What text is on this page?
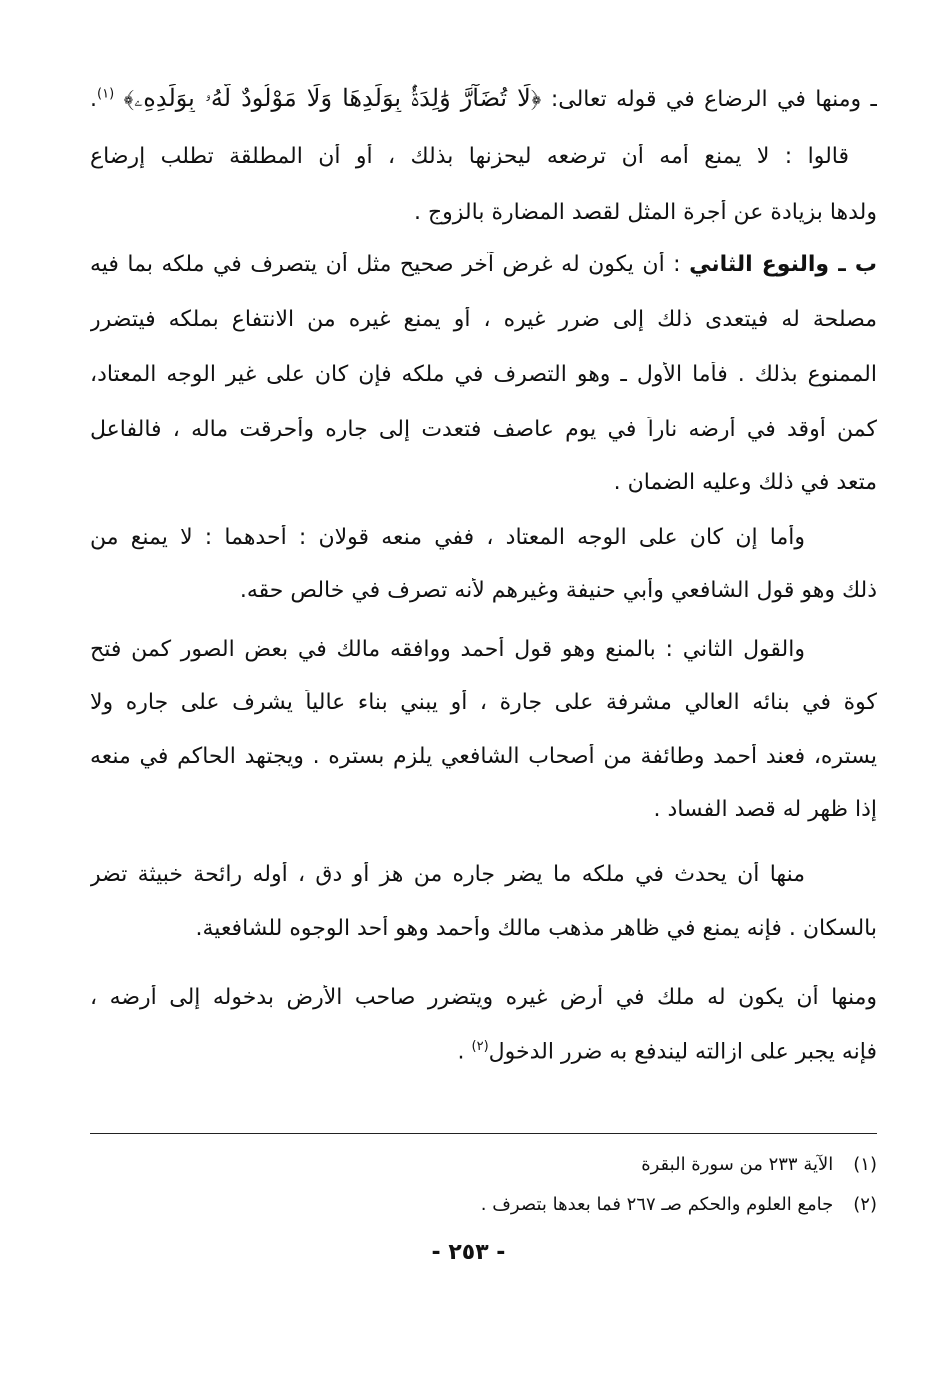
ـ ومنها في الرضاع في قوله تعالى: ﴿لَا تُضَآرَّ وَٰلِدَةُۢ بِوَلَدِهَا وَلَا مَوْلُودٌ لَّهُۥ بِوَلَدِهِۦ﴾ $^{(١)}$.
قالوا : لا يمنع أمه أن ترضعه ليحزنها بذلك ، أو أن المطلقة تطلب إرضاع
ولدها بزيادة عن أجرة المثل لقصد المضارة بالزوج .
ب ـ والنوع الثاني : أن يكون له غرض آخر صحيح مثل أن يتصرف في ملكه بما فيه
مصلحة له فيتعدى ذلك إلى ضرر غيره ، أو يمنع غيره من الانتفاع بملكه فيتضرر
الممنوع بذلك . فأما الأول ـ وهو التصرف في ملكه فإن كان على غير الوجه المعتاد،
كمن أوقد في أرضه ناراً في يوم عاصف فتعدت إلى جاره وأحرقت ماله ، فالفاعل
متعد في ذلك وعليه الضمان .
وأما إن كان على الوجه المعتاد ، ففي منعه قولان : أحدهما : لا يمنع من
ذلك وهو قول الشافعي وأبي حنيفة وغيرهم لأنه تصرف في خالص حقه.
والقول الثاني : بالمنع وهو قول أحمد ووافقه مالك في بعض الصور كمن فتح
كوة في بنائه العالي مشرفة على جارة ، أو يبني بناء عالياً يشرف على جاره ولا
يستره، فعند أحمد وطائفة من أصحاب الشافعي يلزم بستره . ويجتهد الحاكم في منعه
إذا ظهر له قصد الفساد .
منها أن يحدث في ملكه ما يضر جاره من هز أو دق ، أوله رائحة خبيثة تضر
بالسكان . فإنه يمنع في ظاهر مذهب مالك وأحمد وهو أحد الوجوه للشافعية.
ومنها أن يكون له ملك في أرض غيره ويتضرر صاحب الأرض بدخوله إلى أرضه ،
فإنه يجبر على ازالته ليندفع به ضرر الدخول$^{(٢)}$ .
(١) الآية ٢٣٣ من سورة البقرة
(٢) جامع العلوم والحكم صـ ٢٦٧ فما بعدها بتصرف .
- ٢٥٣ -
